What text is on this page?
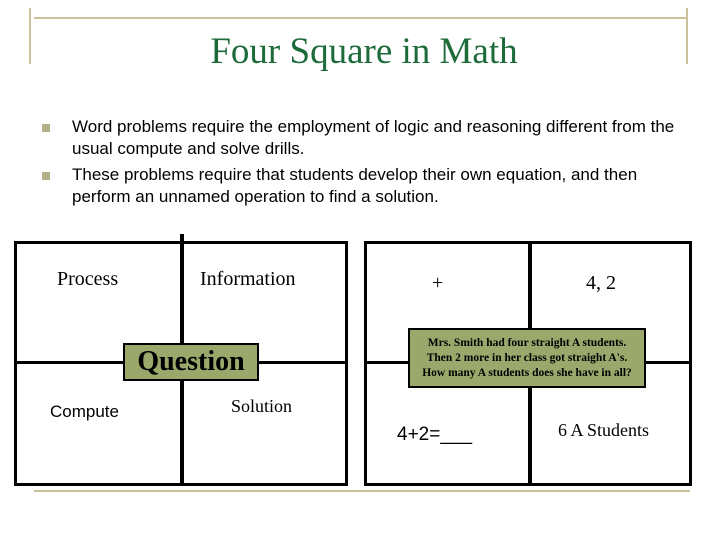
Four Square in Math
Word problems require the employment of logic and reasoning different from the usual compute and solve drills.
These problems require that students develop their own equation, and then perform an unnamed operation to find a solution.
Process	Information
Compute	Solution
Question
+	4, 2
4+2=___	6 A Students
Mrs. Smith had four straight A students.
Then 2 more in her class got straight A's.
How many A students does she have in all?
